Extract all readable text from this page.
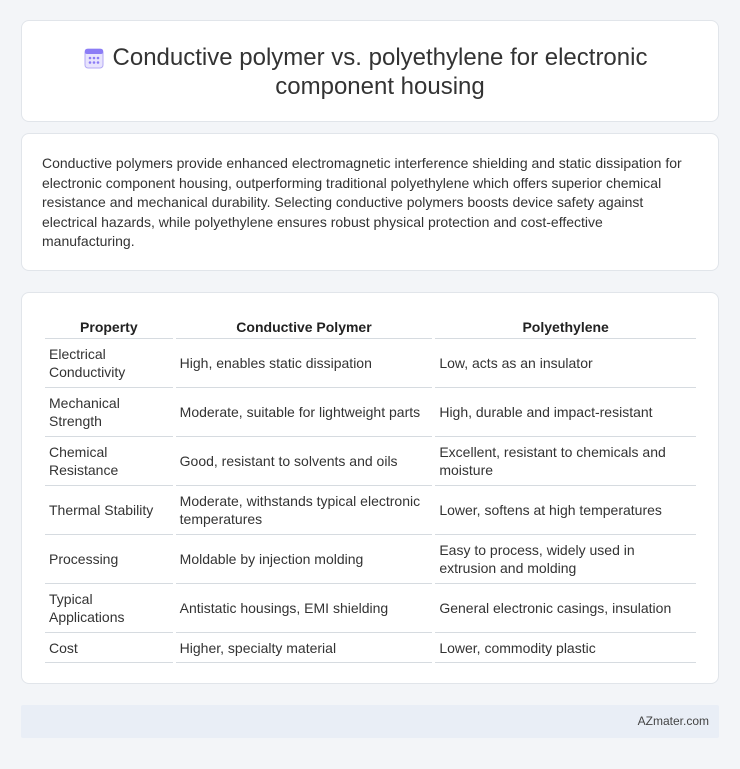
Conductive polymer vs. polyethylene for electronic component housing

Conductive polymers provide enhanced electromagnetic interference shielding and static dissipation for electronic component housing, outperforming traditional polyethylene which offers superior chemical resistance and mechanical durability. Selecting conductive polymers boosts device safety against electrical hazards, while polyethylene ensures robust physical protection and cost-effective manufacturing.

Property	Conductive Polymer	Polyethylene
Electrical Conductivity	High, enables static dissipation	Low, acts as an insulator
Mechanical Strength	Moderate, suitable for lightweight parts	High, durable and impact-resistant
Chemical Resistance	Good, resistant to solvents and oils	Excellent, resistant to chemicals and moisture
Thermal Stability	Moderate, withstands typical electronic temperatures	Lower, softens at high temperatures
Processing	Moldable by injection molding	Easy to process, widely used in extrusion and molding
Typical Applications	Antistatic housings, EMI shielding	General electronic casings, insulation
Cost	Higher, specialty material	Lower, commodity plastic
AZmater.com
